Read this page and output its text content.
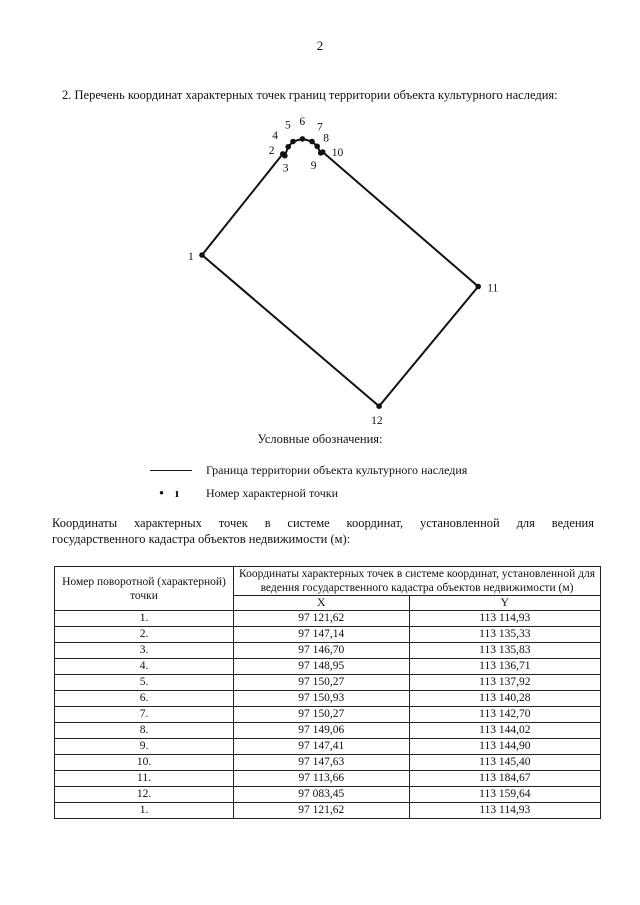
2
2. Перечень координат характерных точек границ территории объекта культурного наследия:
1
2
3
4
5 6 7
8
9
10
11
12
Условные обозначения:
Граница территории объекта культурного наследия
• ı Номер характерной точки
Координаты характерных точек в системе координат, установленной для ведения
государственного кадастра объектов недвижимости (м):
Номер поворотной (характерной) точки	Координаты характерных точек в системе координат, установленной для ведения государственного кадастра объектов недвижимости (м)	
	X	Y
1.	97 121,62	113 114,93
2.	97 147,14	113 135,33
3.	97 146,70	113 135,83
4.	97 148,95	113 136,71
5.	97 150,27	113 137,92
6.	97 150,93	113 140,28
7.	97 150,27	113 142,70
8.	97 149,06	113 144,02
9.	97 147,41	113 144,90
10.	97 147,63	113 145,40
11.	97 113,66	113 184,67
12.	97 083,45	113 159,64
1.	97 121,62	113 114,93
